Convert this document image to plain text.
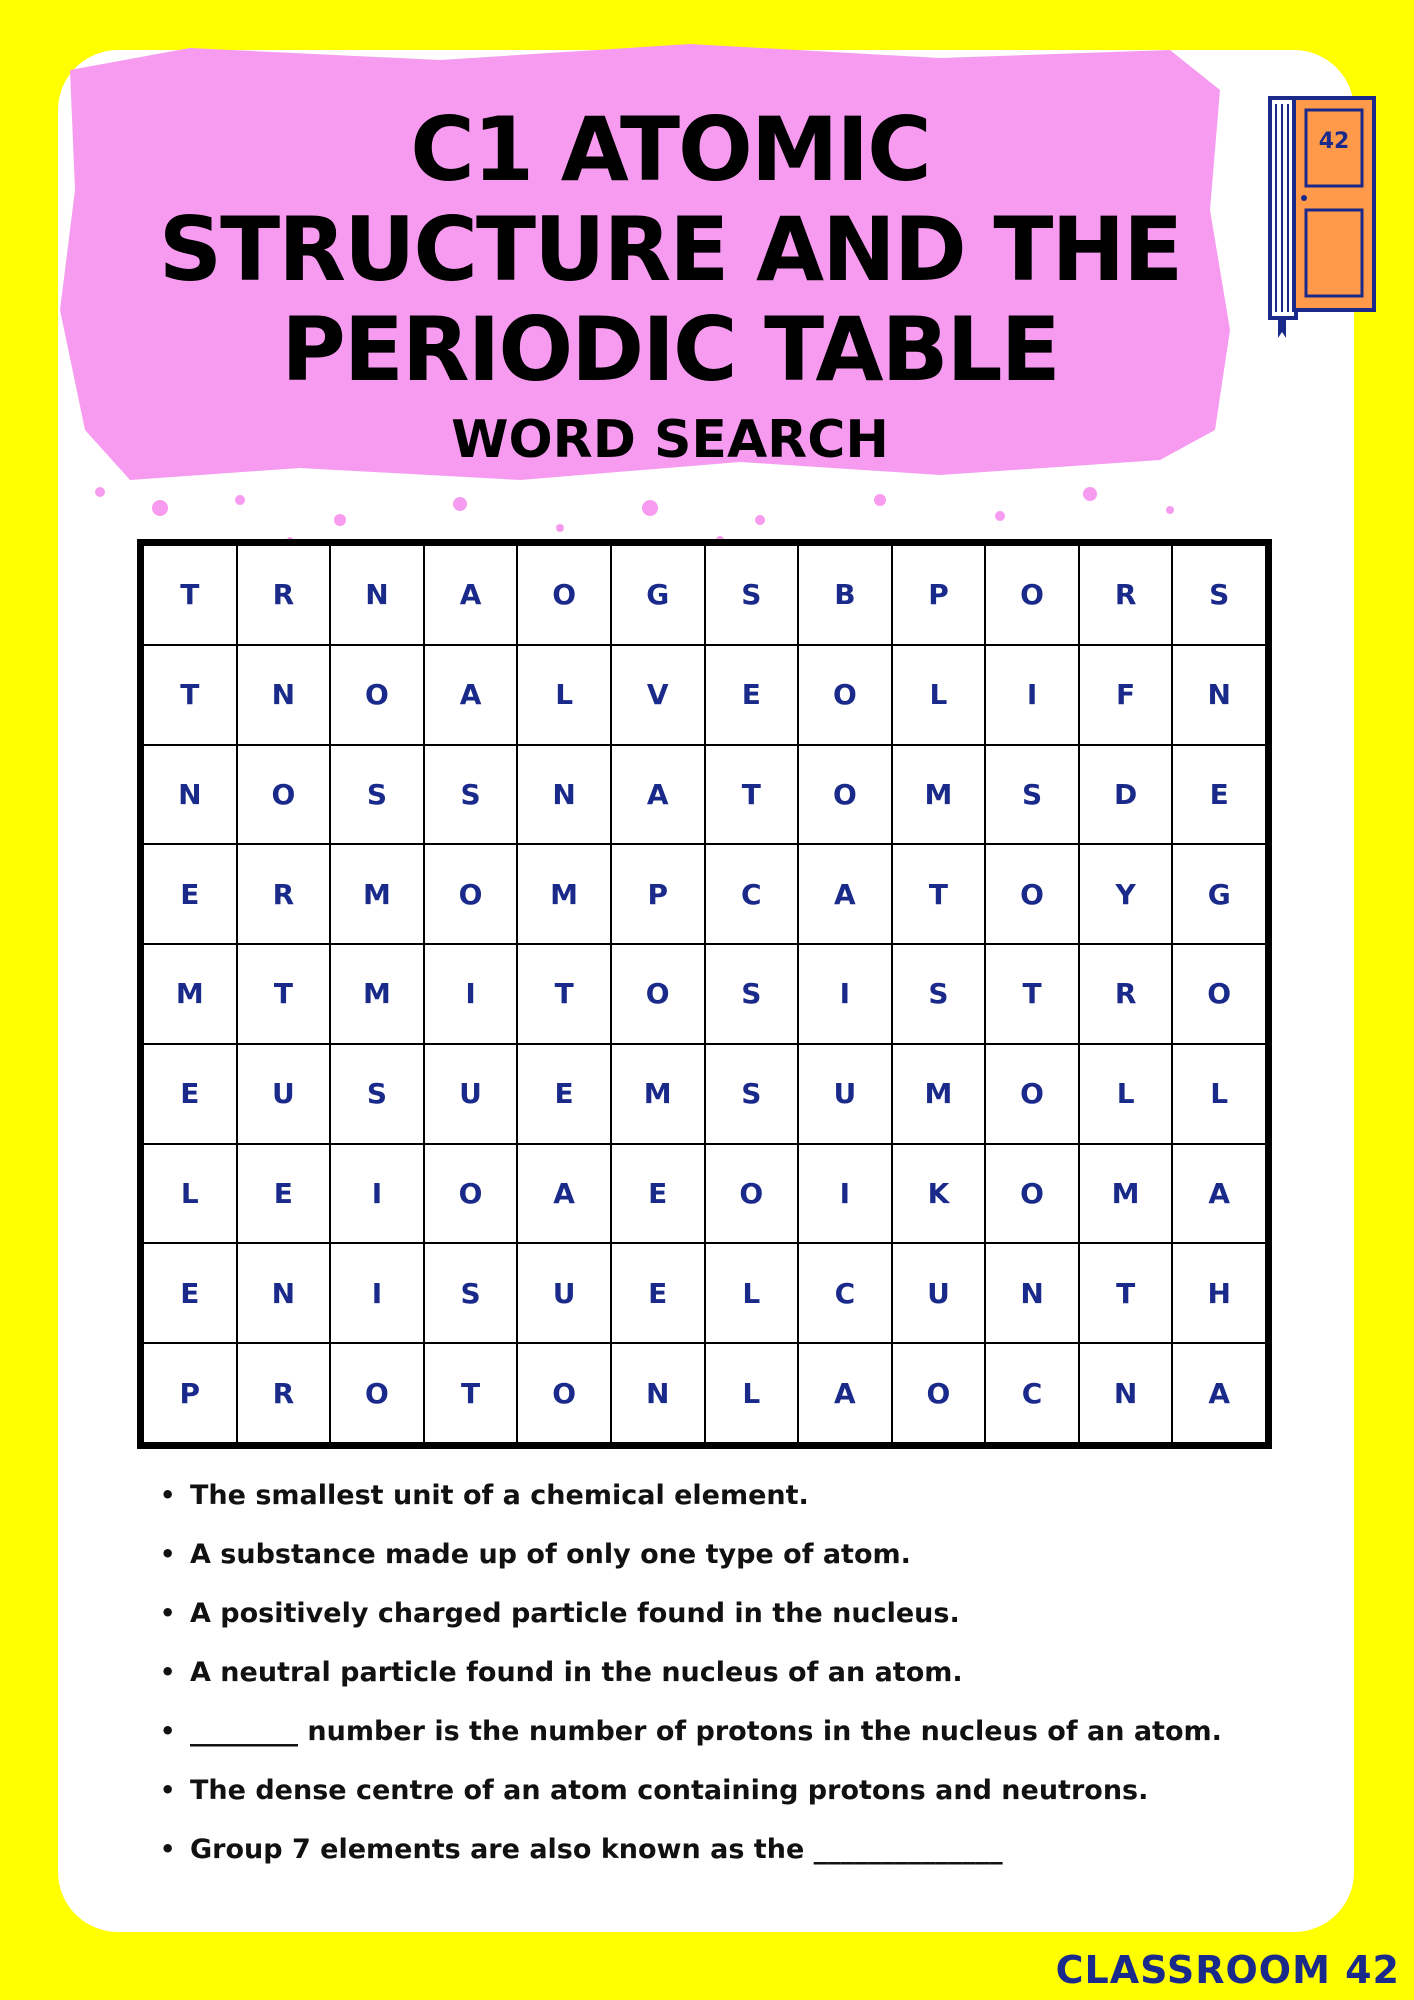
C1 ATOMIC
STRUCTURE AND THE
PERIODIC TABLE
WORD SEARCH
42
T	R	N	A	O	G	S	B	P	O	R	S
T	N	O	A	L	V	E	O	L	I	F	N
N	O	S	S	N	A	T	O	M	S	D	E
E	R	M	O	M	P	C	A	T	O	Y	G
M	T	M	I	T	O	S	I	S	T	R	O
E	U	S	U	E	M	S	U	M	O	L	L
L	E	I	O	A	E	O	I	K	O	M	A
E	N	I	S	U	E	L	C	U	N	T	H
P	R	O	T	O	N	L	A	O	C	N	A
• The smallest unit of a chemical element.
• A substance made up of only one type of atom.
• A positively charged particle found in the nucleus.
• A neutral particle found in the nucleus of an atom.
• ________ number is the number of protons in the nucleus of an atom.
• The dense centre of an atom containing protons and neutrons.
• Group 7 elements are also known as the ______________
CLASSROOM 42
